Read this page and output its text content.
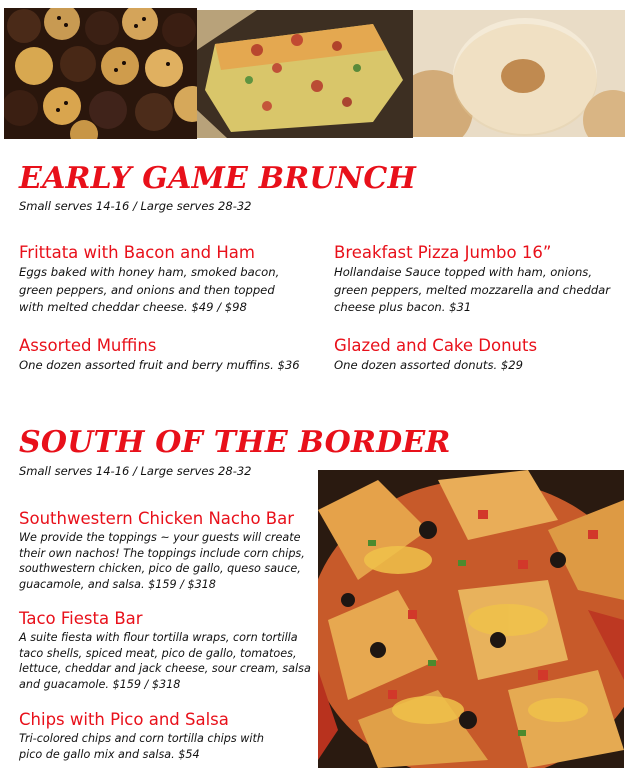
EARLY GAME BRUNCH
Small serves 14-16 / Large serves 28-32
Frittata with Bacon and Ham
Eggs baked with honey ham, smoked bacon, green peppers, and onions and then topped with melted cheddar cheese. $49 / $98
Breakfast Pizza Jumbo 16”
Hollandaise Sauce topped with ham, onions, green peppers, melted mozzarella and cheddar cheese plus bacon. $31
Assorted Muffins
One dozen assorted fruit and berry muffins. $36
Glazed and Cake Donuts
One dozen assorted donuts. $29
SOUTH OF THE BORDER
Small serves 14-16 / Large serves 28-32
Southwestern Chicken Nacho Bar
We provide the toppings ~ your guests will create their own nachos! The toppings include corn chips, southwestern chicken, pico de gallo, queso sauce, guacamole, and salsa. $159 / $318
Taco Fiesta Bar
A suite fiesta with flour tortilla wraps, corn tortilla taco shells, spiced meat, pico de gallo, tomatoes, lettuce, cheddar and jack cheese, sour cream, salsa and guacamole. $159 / $318
Chips with Pico and Salsa
Tri-colored chips and corn tortilla chips with pico de gallo mix and salsa. $54
